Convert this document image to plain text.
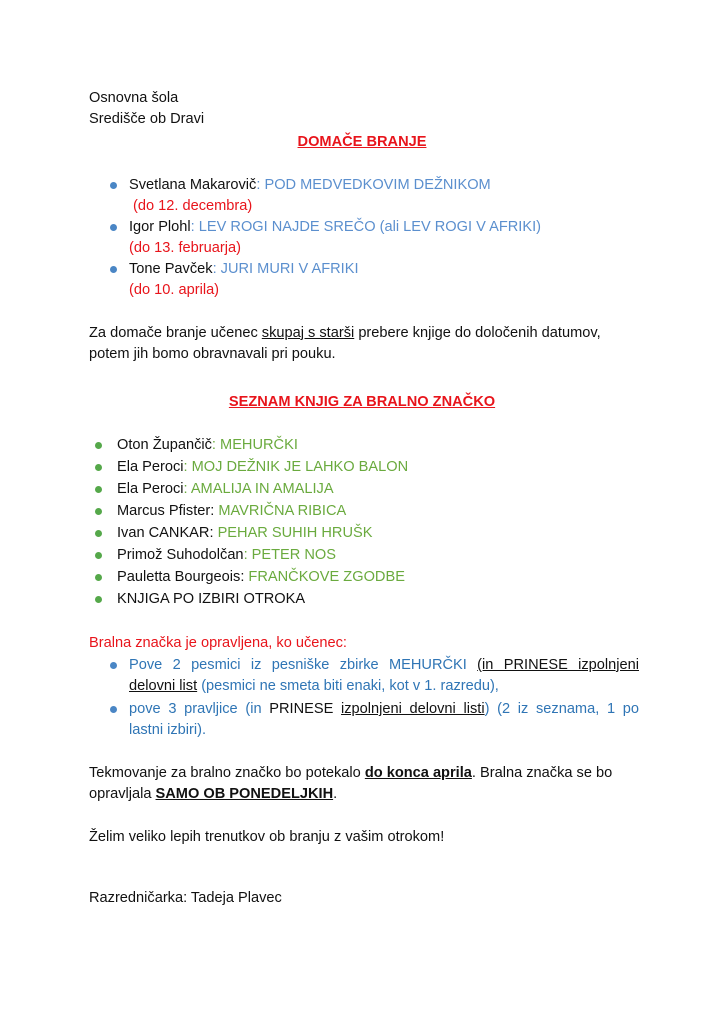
Osnovna šola
Središče ob Dravi
DOMAČE BRANJE
Svetlana Makarovič: POD MEDVEDKOVIM DEŽNIKOM
(do 12. decembra)
Igor Plohl: LEV ROGI NAJDE SREČO (ali LEV ROGI V AFRIKI)
(do 13. februarja)
Tone Pavček: JURI MURI V AFRIKI
(do 10. aprila)
Za domače branje učenec skupaj s starši prebere knjige do določenih datumov,
potem jih bomo obravnavali pri pouku.
SEZNAM KNJIG ZA BRALNO ZNAČKO
Oton Župančič: MEHURČKI
Ela Peroci: MOJ DEŽNIK JE LAHKO BALON
Ela Peroci: AMALIJA IN AMALIJA
Marcus Pfister: MAVRIČNA RIBICA
Ivan CANKAR: PEHAR SUHIH HRUŠK
Primož Suhodolčan: PETER NOS
Pauletta Bourgeois: FRANČKOVE ZGODBE
KNJIGA PO IZBIRI OTROKA
Bralna značka je opravljena, ko učenec:
Pove 2 pesmici iz pesniške zbirke MEHURČKI (in PRINESE izpolnjeni
delovni list (pesmici ne smeta biti enaki, kot v 1. razredu),
pove 3 pravljice (in PRINESE izpolnjeni delovni listi) (2 iz seznama, 1 po
lastni izbiri).
Tekmovanje za bralno značko bo potekalo do konca aprila. Bralna značka se bo
opravljala SAMO OB PONEDELJKIH.
Želim veliko lepih trenutkov ob branju z vašim otrokom!
Razredničarka: Tadeja Plavec
